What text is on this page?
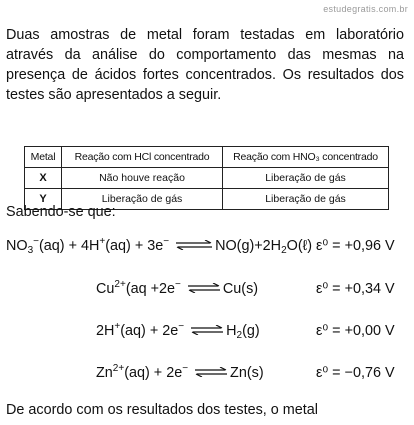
estudegratis.com.br
Duas amostras de metal foram testadas em laboratório através da análise do comportamento das mesmas na presença de ácidos fortes concentrados. Os resultados dos testes são apresentados a seguir.
Metal	Reação com HCl concentrado	Reação com HNO₃ concentrado
X	Não houve reação	Liberação de gás
Y	Liberação de gás	Liberação de gás
Sabendo-se que:
$NO_3^-(aq) + 4H^+(aq) + 3e^-$ ⇌ $NO(g)+2H_2O(\ell) \varepsilon^0 = +0,96$ V
$Cu^{2+}(aq +2e^-$ ⇌ Cu(s)	ε⁰ = +0,34 V
2H+(aq) + 2e− ⇌ $H_2(g)$	ε⁰ = +0,00 V
$Zn^{2+}(aq) + 2e^-$ ⇌ Zn(s)	ε⁰ = −0,76 V
De acordo com os resultados dos testes, o metal
